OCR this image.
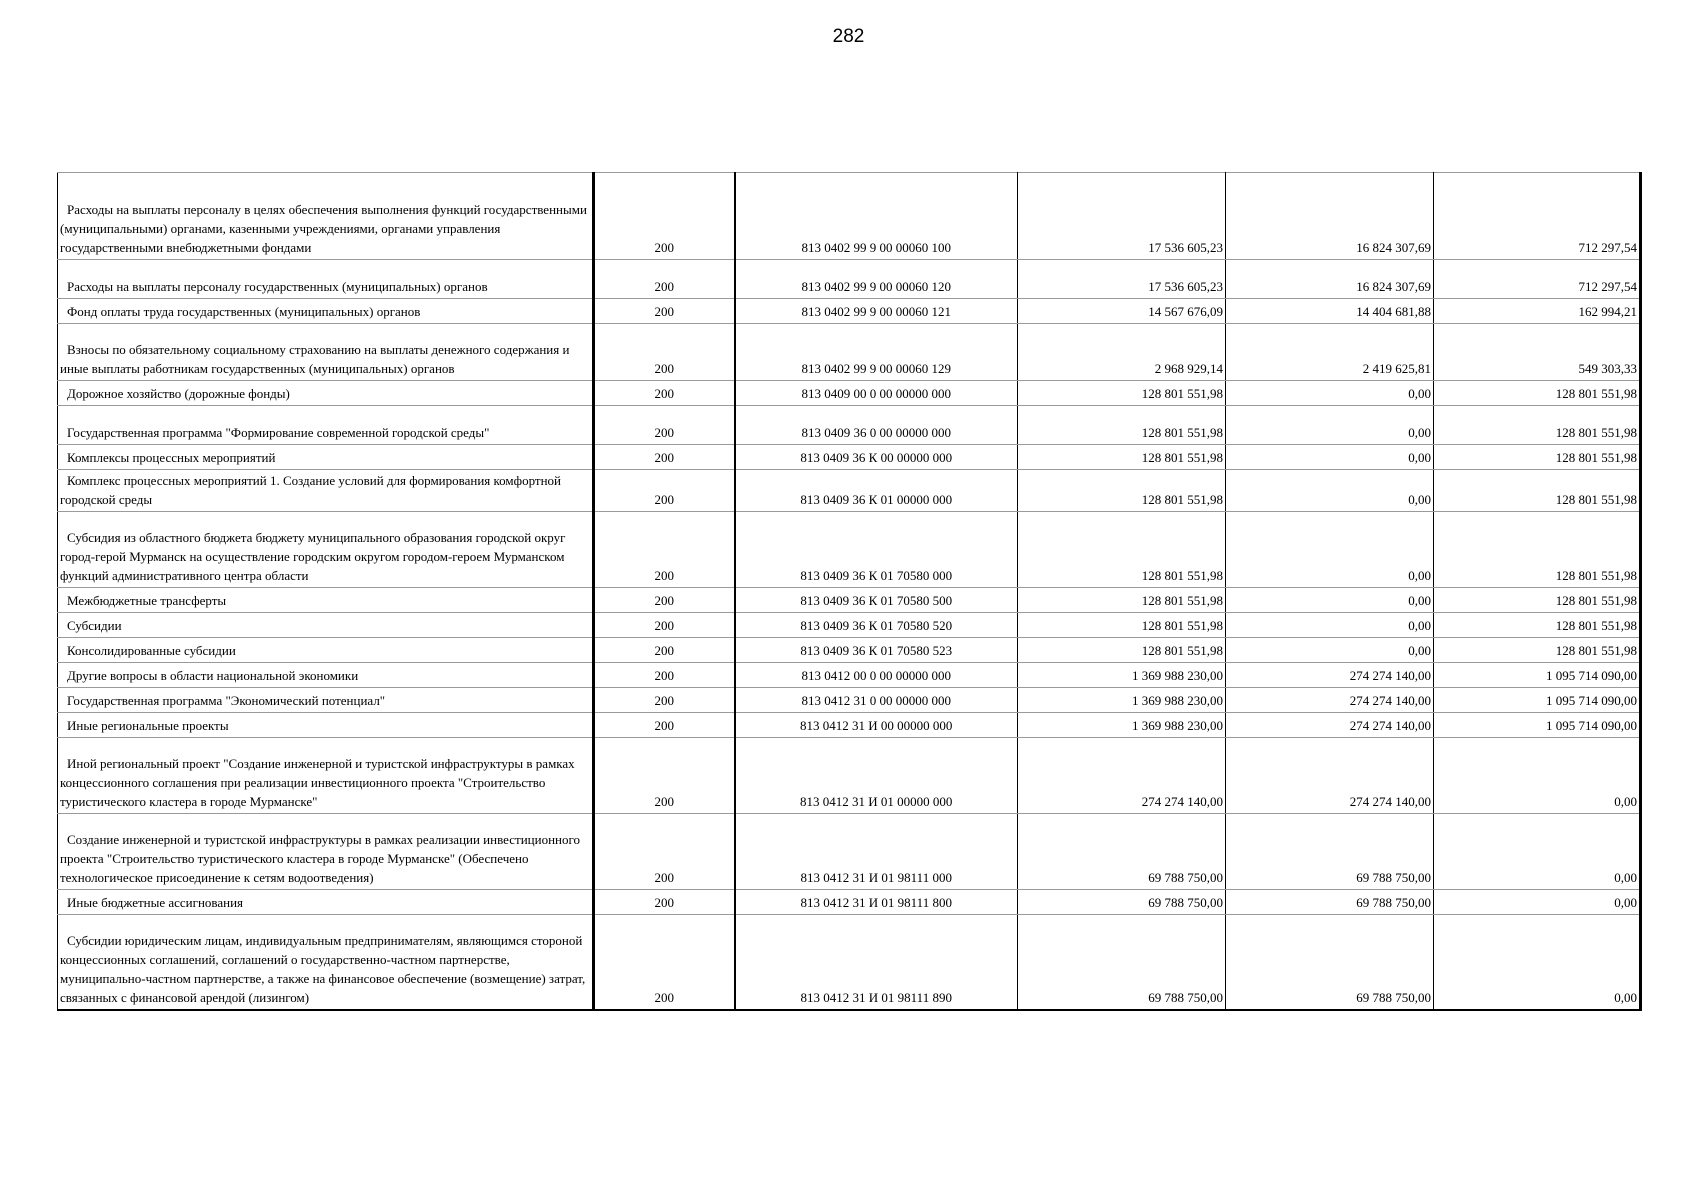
282
Расходы на выплаты персоналу в целях обеспечения выполнения функций государственными (муниципальными) органами, казенными учреждениями, органами управления государственными внебюджетными фондами	200	813 0402 99 9 00 00060 100	17 536 605,23	16 824 307,69	712 297,54

Расходы на выплаты персоналу государственных (муниципальных) органов	200	813 0402 99 9 00 00060 120	17 536 605,23	16 824 307,69	712 297,54

Фонд оплаты труда государственных (муниципальных) органов	200	813 0402 99 9 00 00060 121	14 567 676,09	14 404 681,88	162 994,21

Взносы по обязательному социальному страхованию на выплаты денежного содержания и иные выплаты работникам государственных (муниципальных) органов	200	813 0402 99 9 00 00060 129	2 968 929,14	2 419 625,81	549 303,33

Дорожное хозяйство (дорожные фонды)	200	813 0409 00 0 00 00000 000	128 801 551,98	0,00	128 801 551,98

Государственная программа "Формирование современной городской среды"	200	813 0409 36 0 00 00000 000	128 801 551,98	0,00	128 801 551,98

Комплексы процессных мероприятий	200	813 0409 36 К 00 00000 000	128 801 551,98	0,00	128 801 551,98

Комплекс процессных мероприятий 1. Создание условий для формирования комфортной городской среды	200	813 0409 36 К 01 00000 000	128 801 551,98	0,00	128 801 551,98

Субсидия из областного бюджета бюджету муниципального образования городской округ город-герой Мурманск на осуществление городским округом городом-героем Мурманском функций административного центра области	200	813 0409 36 К 01 70580 000	128 801 551,98	0,00	128 801 551,98

Межбюджетные трансферты	200	813 0409 36 К 01 70580 500	128 801 551,98	0,00	128 801 551,98

Субсидии	200	813 0409 36 К 01 70580 520	128 801 551,98	0,00	128 801 551,98

Консолидированные субсидии	200	813 0409 36 К 01 70580 523	128 801 551,98	0,00	128 801 551,98

Другие вопросы в области национальной экономики	200	813 0412 00 0 00 00000 000	1 369 988 230,00	274 274 140,00	1 095 714 090,00

Государственная программа "Экономический потенциал"	200	813 0412 31 0 00 00000 000	1 369 988 230,00	274 274 140,00	1 095 714 090,00

Иные региональные проекты	200	813 0412 31 И 00 00000 000	1 369 988 230,00	274 274 140,00	1 095 714 090,00

Иной региональный проект "Создание инженерной и туристской инфраструктуры в рамках концессионного соглашения при реализации инвестиционного проекта "Строительство туристического кластера в городе Мурманске"	200	813 0412 31 И 01 00000 000	274 274 140,00	274 274 140,00	0,00

Создание инженерной и туристской инфраструктуры в рамках реализации инвестиционного проекта "Строительство туристического кластера в городе Мурманске" (Обеспечено технологическое присоединение к сетям водоотведения)	200	813 0412 31 И 01 98111 000	69 788 750,00	69 788 750,00	0,00

Иные бюджетные ассигнования	200	813 0412 31 И 01 98111 800	69 788 750,00	69 788 750,00	0,00

Субсидии юридическим лицам, индивидуальным предпринимателям, являющимся стороной концессионных соглашений, соглашений о государственно-частном партнерстве, муниципально-частном партнерстве, а также на финансовое обеспечение (возмещение) затрат, связанных с финансовой арендой (лизингом)	200	813 0412 31 И 01 98111 890	69 788 750,00	69 788 750,00	0,00
